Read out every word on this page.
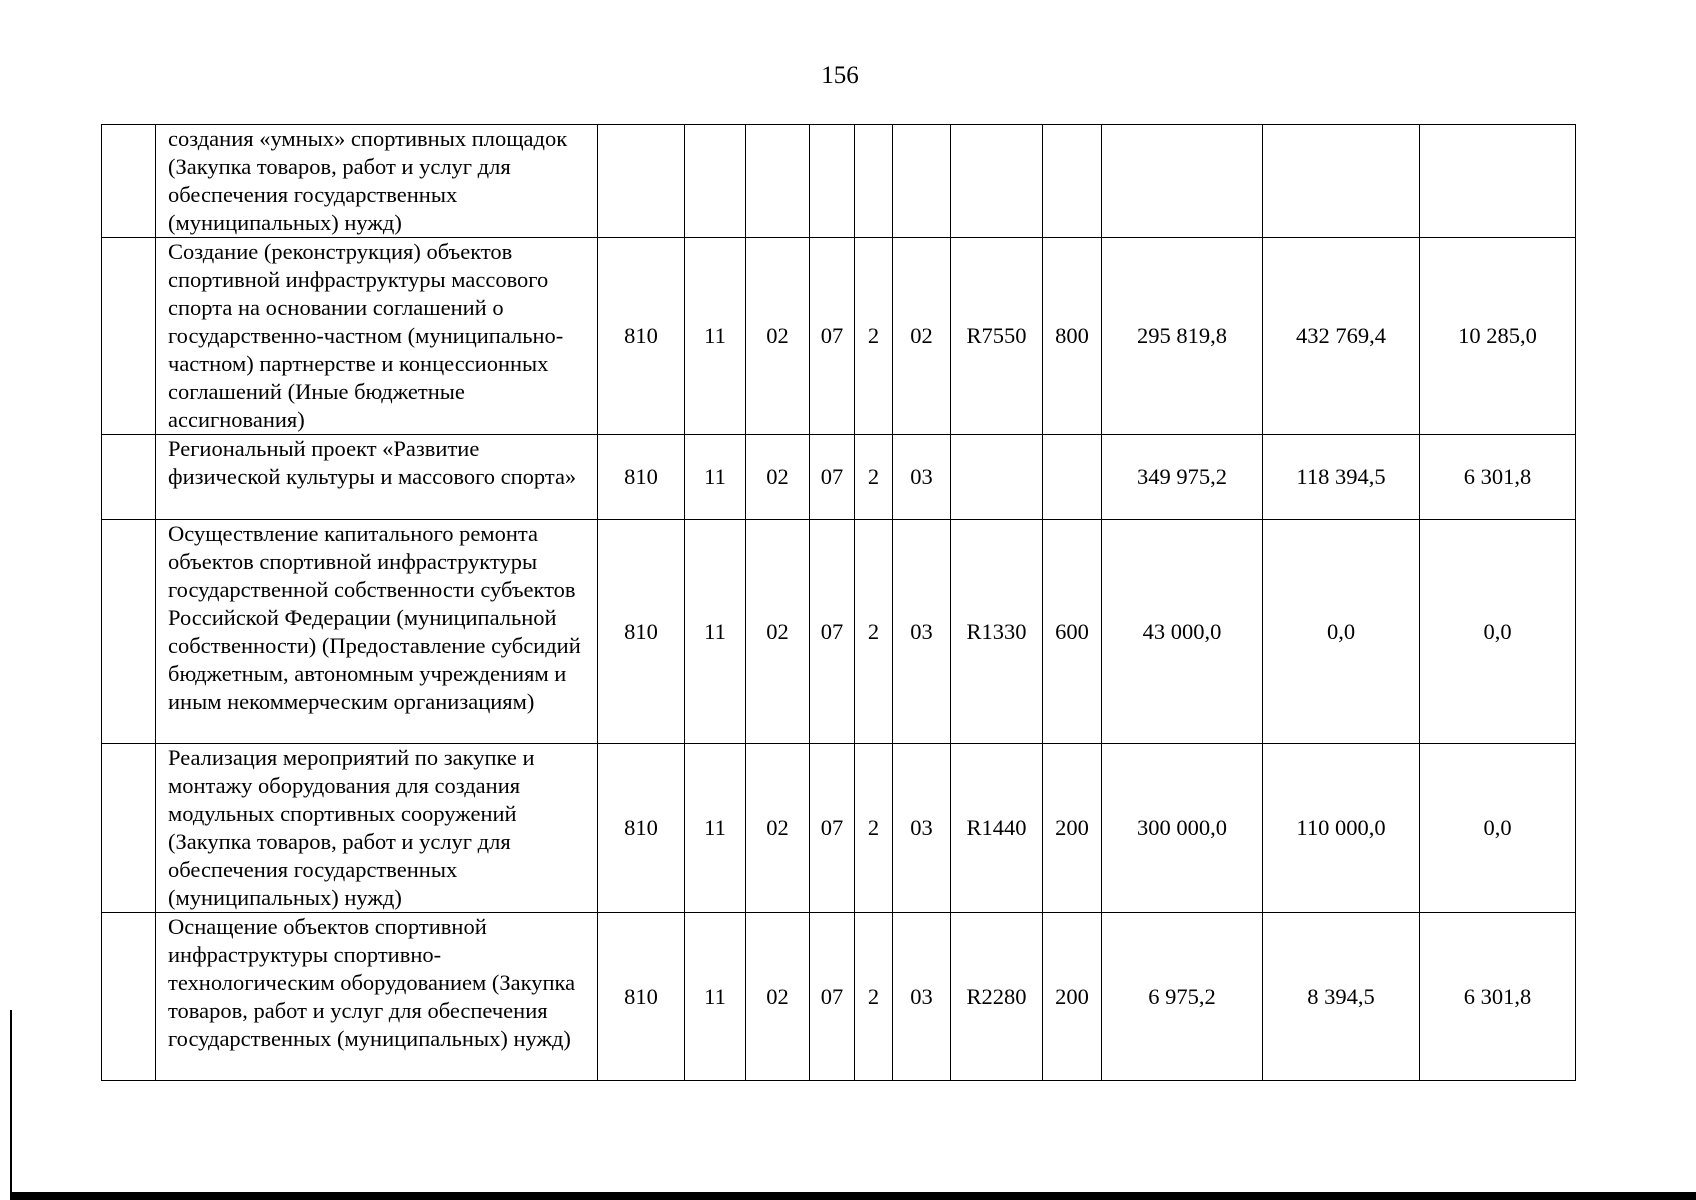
156
	создания «умных» спортивных площадок (Закупка товаров, работ и услуг для обеспечения государственных (муниципальных) нужд)											
	Создание (реконструкция) объектов спортивной инфраструктуры массового спорта на основании соглашений о государственно-частном (муниципально-частном) партнерстве и концессионных соглашений (Иные бюджетные ассигнования)	810	11	02	07	2	02	R7550	800	295 819,8	432 769,4	10 285,0
	Региональный проект «Развитие физической культуры и массового спорта»	810	11	02	07	2	03			349 975,2	118 394,5	6 301,8
	Осуществление капитального ремонта объектов спортивной инфраструктуры государственной собственности субъектов Российской Федерации (муниципальной собственности) (Предоставление субсидий бюджетным, автономным учреждениям и иным некоммерческим организациям)	810	11	02	07	2	03	R1330	600	43 000,0	0,0	0,0
	Реализация мероприятий по закупке и монтажу оборудования для создания модульных спортивных сооружений (Закупка товаров, работ и услуг для обеспечения государственных (муниципальных) нужд)	810	11	02	07	2	03	R1440	200	300 000,0	110 000,0	0,0
	Оснащение объектов спортивной инфраструктуры спортивно-технологическим оборудованием (Закупка товаров, работ и услуг для обеспечения государственных (муниципальных) нужд)	810	11	02	07	2	03	R2280	200	6 975,2	8 394,5	6 301,8
